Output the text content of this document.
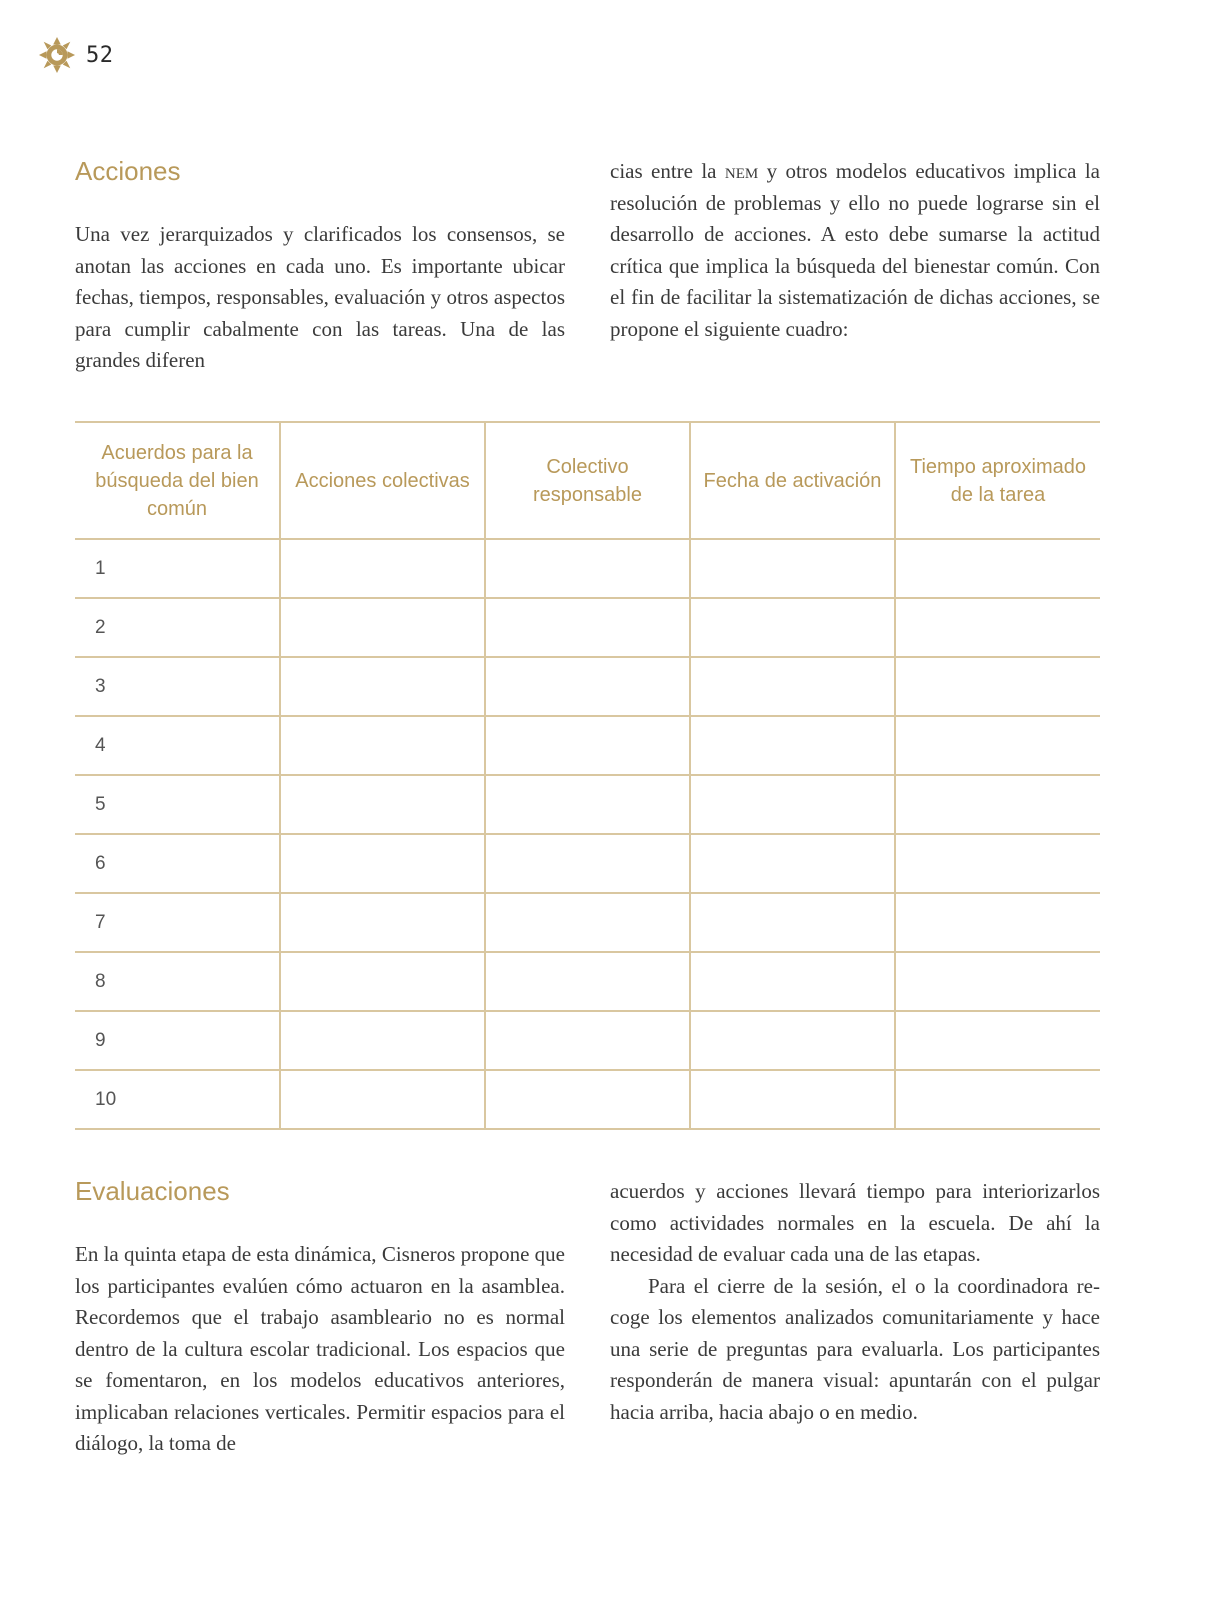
52
Acciones

Una vez jerarquizados y clarificados los consensos, se anotan las acciones en cada uno. Es importante ubicar fechas, tiempos, responsables, evaluación y otros aspectos para cumplir cabalmente con las tareas. Una de las grandes diferen

cias entre la nem y otros modelos educativos implica la resolución de problemas y ello no puede lograrse sin el desarrollo de acciones. A esto debe sumarse la actitud crítica que implica la búsqueda del bienestar común. Con el fin de facilitar la sistematización de dichas acciones, se propone el siguiente cuadro:

Acuerdos para la búsqueda del bien común	Acciones colectivas	Colectivo responsable	Fecha de activación	Tiempo aproximado de la tarea
1				
2				
3				
4				
5				
6				
7				
8				
9				
10				
Evaluaciones

En la quinta etapa de esta dinámica, Cisneros propone que los participantes evalúen cómo actuaron en la asamblea. Recordemos que el trabajo asambleario no es normal dentro de la cultura escolar tradicional. Los espacios que se fomentaron, en los modelos educativos anteriores, implicaban relaciones verticales. Permitir espacios para el diálogo, la toma de

acuerdos y acciones llevará tiempo para interiorizarlos como actividades normales en la escuela. De ahí la necesidad de evaluar cada una de las etapas.

Para el cierre de la sesión, el o la coordinadora recoge los elementos analizados comunitariamente y hace una serie de preguntas para evaluarla. Los participantes responderán de manera visual: apuntarán con el pulgar hacia arriba, hacia abajo o en medio.
